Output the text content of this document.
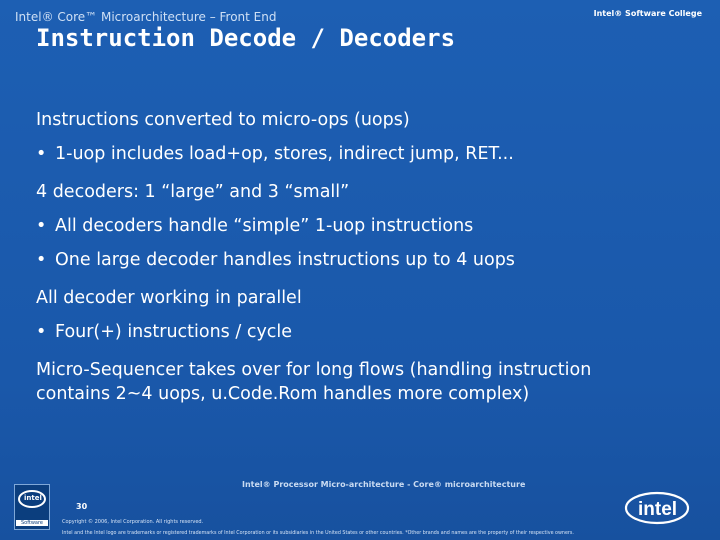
Intel® Core™ Microarchitecture – Front End	Intel® Software College
Instruction Decode / Decoders

Instructions converted to micro-ops (uops)

• 1-uop includes load+op, stores, indirect jump, RET...

4 decoders: 1 “large” and 3 “small”

• All decoders handle “simple” 1-uop instructions
• One large decoder handles instructions up to 4 uops

All decoder working in parallel

• Four(+) instructions / cycle

Micro-Sequencer takes over for long flows (handling instruction
contains 2~4 uops, u.Code.Rom handles more complex)

Intel® Processor Micro-architecture - Core® microarchitecture
intel
Software
30
Copyright © 2006, Intel Corporation. All rights reserved.
Intel and the Intel logo are trademarks or registered trademarks of Intel Corporation or its subsidiaries in the United States or other countries. *Other brands and names are the property of their respective owners.
intel
